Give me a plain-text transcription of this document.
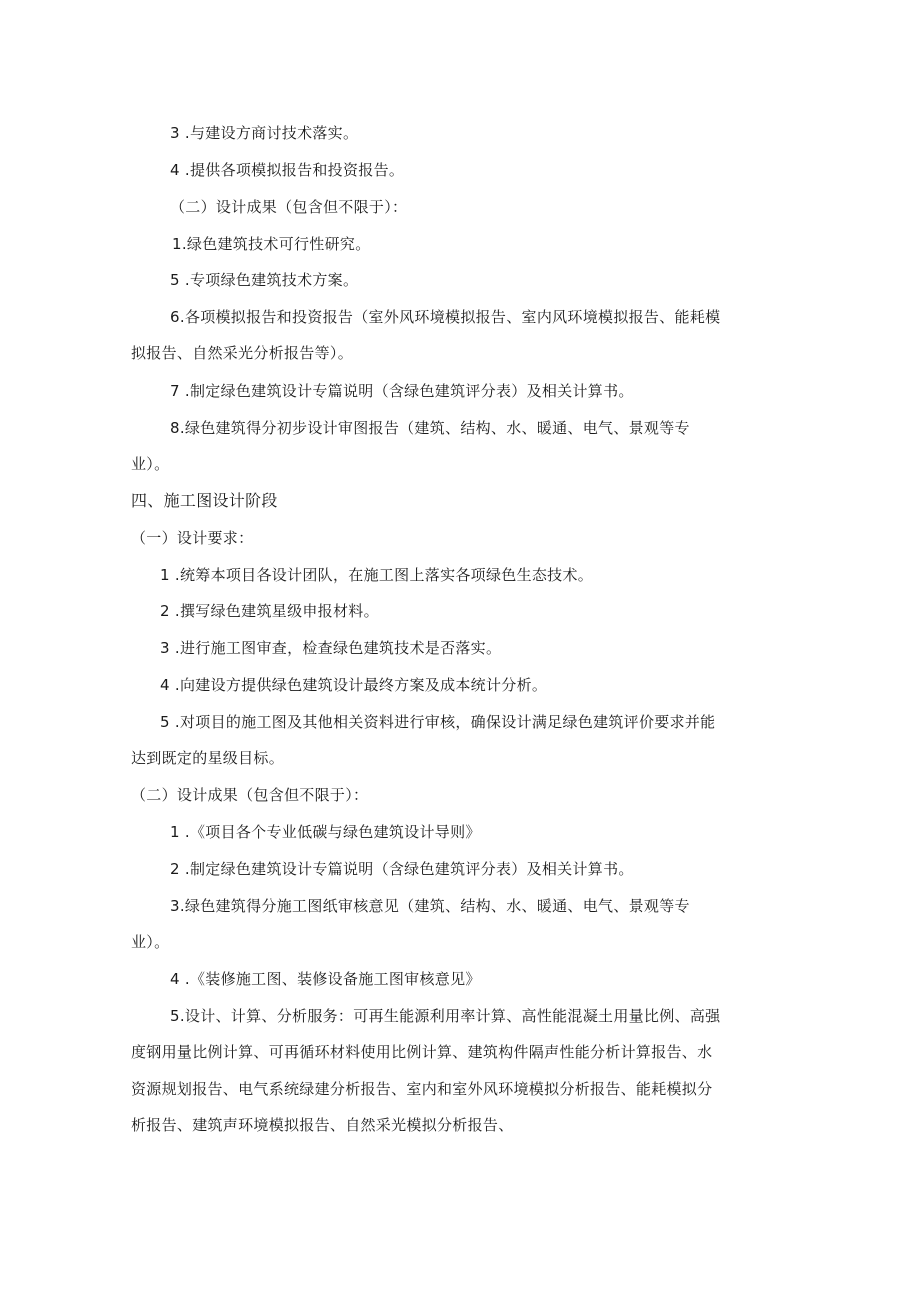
3 .与建设方商讨技术落实。
4 .提供各项模拟报告和投资报告。
（二）设计成果（包含但不限于）：
1.绿色建筑技术可行性研究。
5 .专项绿色建筑技术方案。
6.各项模拟报告和投资报告（室外风环境模拟报告、室内风环境模拟报告、能耗模
拟报告、自然采光分析报告等）。
7 .制定绿色建筑设计专篇说明（含绿色建筑评分表）及相关计算书。
8.绿色建筑得分初步设计审图报告（建筑、结构、水、暖通、电气、景观等专
业）。
四、施工图设计阶段
（一）设计要求：
1 .统筹本项目各设计团队，在施工图上落实各项绿色生态技术。
2 .撰写绿色建筑星级申报材料。
3 .进行施工图审查，检查绿色建筑技术是否落实。
4 .向建设方提供绿色建筑设计最终方案及成本统计分析。
5 .对项目的施工图及其他相关资料进行审核，确保设计满足绿色建筑评价要求并能
达到既定的星级目标。
（二）设计成果（包含但不限于）：
1 .《项目各个专业低碳与绿色建筑设计导则》
2 .制定绿色建筑设计专篇说明（含绿色建筑评分表）及相关计算书。
3.绿色建筑得分施工图纸审核意见（建筑、结构、水、暖通、电气、景观等专
业）。
4 .《装修施工图、装修设备施工图审核意见》
5.设计、计算、分析服务：可再生能源利用率计算、高性能混凝土用量比例、高强
度钢用量比例计算、可再循环材料使用比例计算、建筑构件隔声性能分析计算报告、水
资源规划报告、电气系统绿建分析报告、室内和室外风环境模拟分析报告、能耗模拟分
析报告、建筑声环境模拟报告、自然采光模拟分析报告、
